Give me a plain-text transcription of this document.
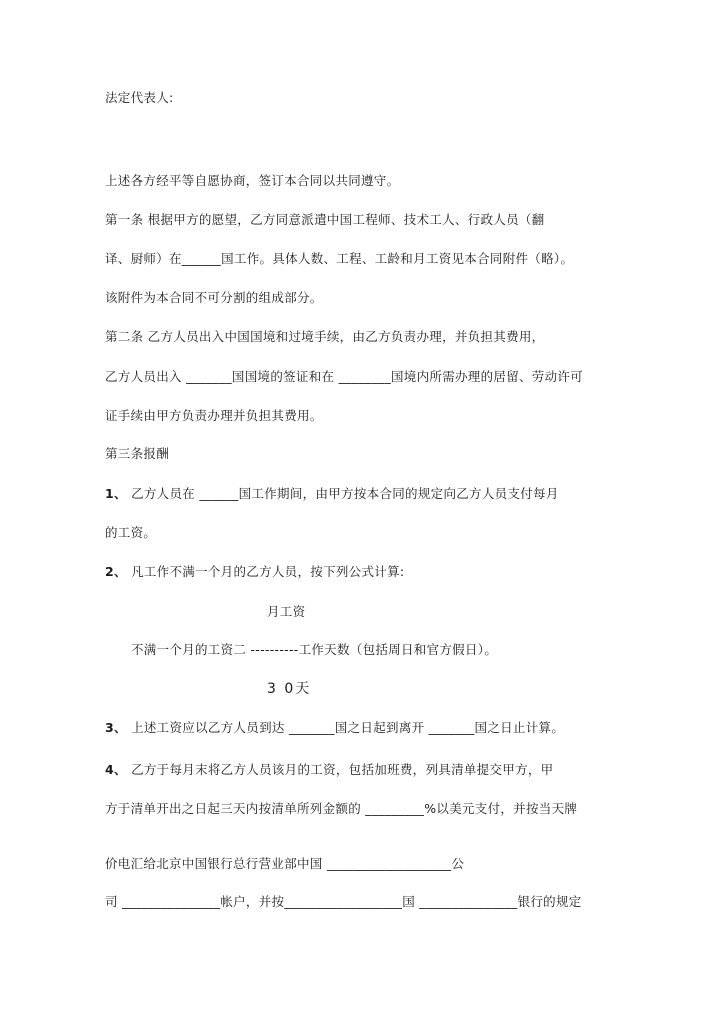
法定代表人:
上述各方经平等自愿协商，签订本合同以共同遵守。
第一条 根据甲方的愿望，乙方同意派遣中国工程师、技术工人、行政人员（翻
译、厨师）在______国工作。具体人数、工程、工龄和月工资见本合同附件（略）。
该附件为本合同不可分割的组成部分。
第二条 乙方人员出入中国国境和过境手续，由乙方负责办理，并负担其费用，
乙方人员出入 _______国国境的签证和在 ________国境内所需办理的居留、劳动许可
证手续由甲方负责办理并负担其费用。
第三条报酬
1、 乙方人员在 ______国工作期间，由甲方按本合同的规定向乙方人员支付每月
的工资。
2、 凡工作不满一个月的乙方人员，按下列公式计算:
月工资
不满一个月的工资二 ----------工作天数（包括周日和官方假日）。
3 0天
3、 上述工资应以乙方人员到达 _______国之日起到离开 _______国之日止计算。
4、 乙方于每月末将乙方人员该月的工资，包括加班费，列具清单提交甲方，甲
方于清单开出之日起三天内按清单所列金额的 _________%以美元支付，并按当天牌
价电汇给北京中国银行总行营业部中国 ___________________公
司 _______________帐户，并按__________________国 _______________银行的规定
